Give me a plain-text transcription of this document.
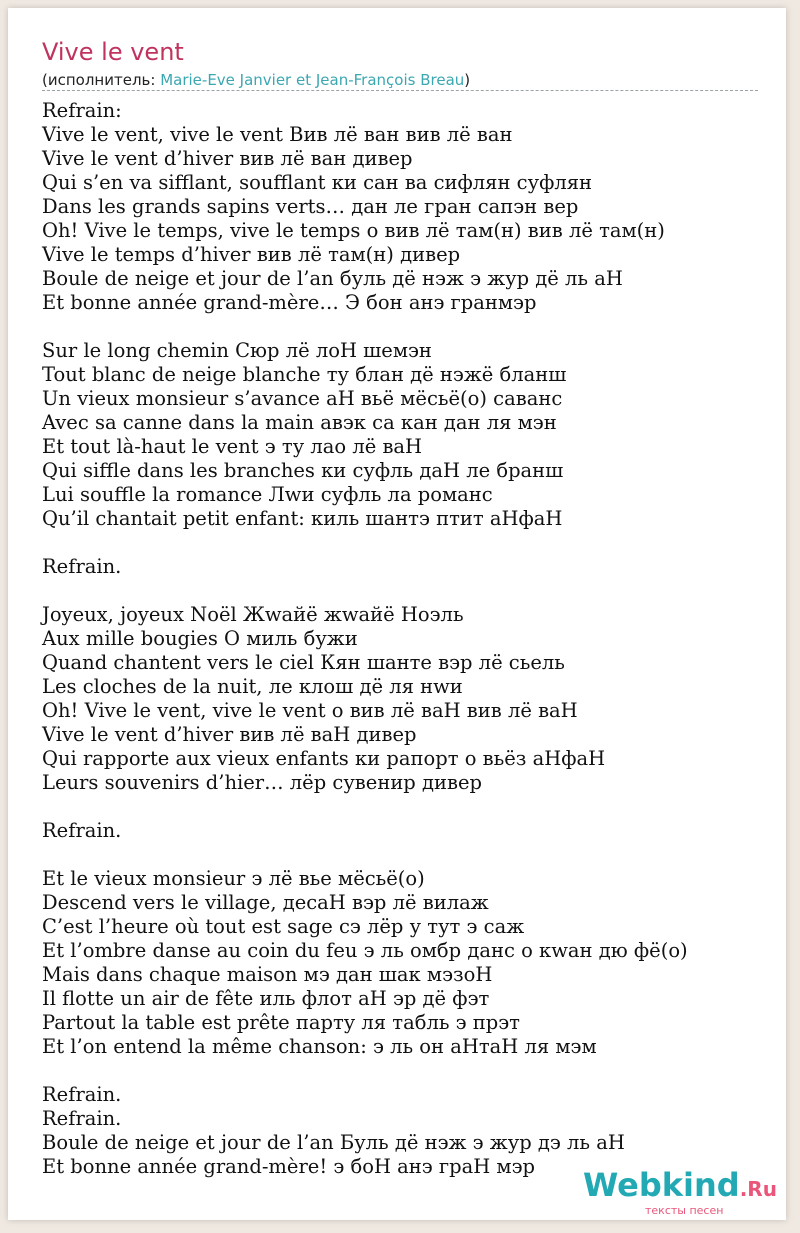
Vive le vent
(исполнитель: Marie-Eve Janvier et Jean-François Breau)
Refrain:
Vive le vent, vive le vent Вив лё ван вив лё ван
Vive le vent d’hiver вив лё ван дивер
Qui s’en va sifflant, soufflant ки сан ва сифлян суфлян
Dans les grands sapins verts… дан ле гран сапэн вер
Oh! Vive le temps, vive le temps о вив лё там(н) вив лё там(н)
Vive le temps d’hiver вив лё там(н) дивер
Boule de neige et jour de l’an буль дё нэж э жур дё ль аН
Et bonne année grand-mère… Э бон анэ гранмэр
Sur le long chemin Сюр лё лоН шемэн
Tout blanc de neige blanche ту блан дё нэжё бланш
Un vieux monsieur s’avance аН вьё мёсьё(о) саванс
Avec sa canne dans la main авэк са кан дан ля мэн
Et tout là-haut le vent э ту лао лё ваН
Qui siffle dans les branches ки суфль даН ле бранш
Lui souffle la romance Лwи суфль ла романс
Qu’il chantait petit enfant: киль шантэ птит аНфаН
Refrain.
Joyeux, joyeux Noël Жwайё жwайё Ноэль
Aux mille bougies О миль бужи
Quand chantent vers le ciel Кян шанте вэр лё сьель
Les cloches de la nuit, ле клош дё ля нwи
Oh! Vive le vent, vive le vent о вив лё ваН вив лё ваН
Vive le vent d’hiver вив лё ваН дивер
Qui rapporte aux vieux enfants ки рапорт о вьёз аНфаН
Leurs souvenirs d’hier… лёр сувенир дивер
Refrain.
Et le vieux monsieur э лё вье мёсьё(о)
Descend vers le village, десаН вэр лё вилаж
C’est l’heure où tout est sage сэ лёр у тут э саж
Et l’ombre danse au coin du feu э ль омбр данс о кwан дю фё(о)
Mais dans chaque maison мэ дан шак мэзоН
Il flotte un air de fête иль флот аН эр дё фэт
Partout la table est prête парту ля табль э прэт
Et l’on entend la même chanson: э ль он аНтаН ля мэм
Refrain.
Refrain.
Boule de neige et jour de l’an Буль дё нэж э жур дэ ль аН
Et bonne année grand-mère! э боН анэ граН мэр	Webkind.Ru
тексты песен
